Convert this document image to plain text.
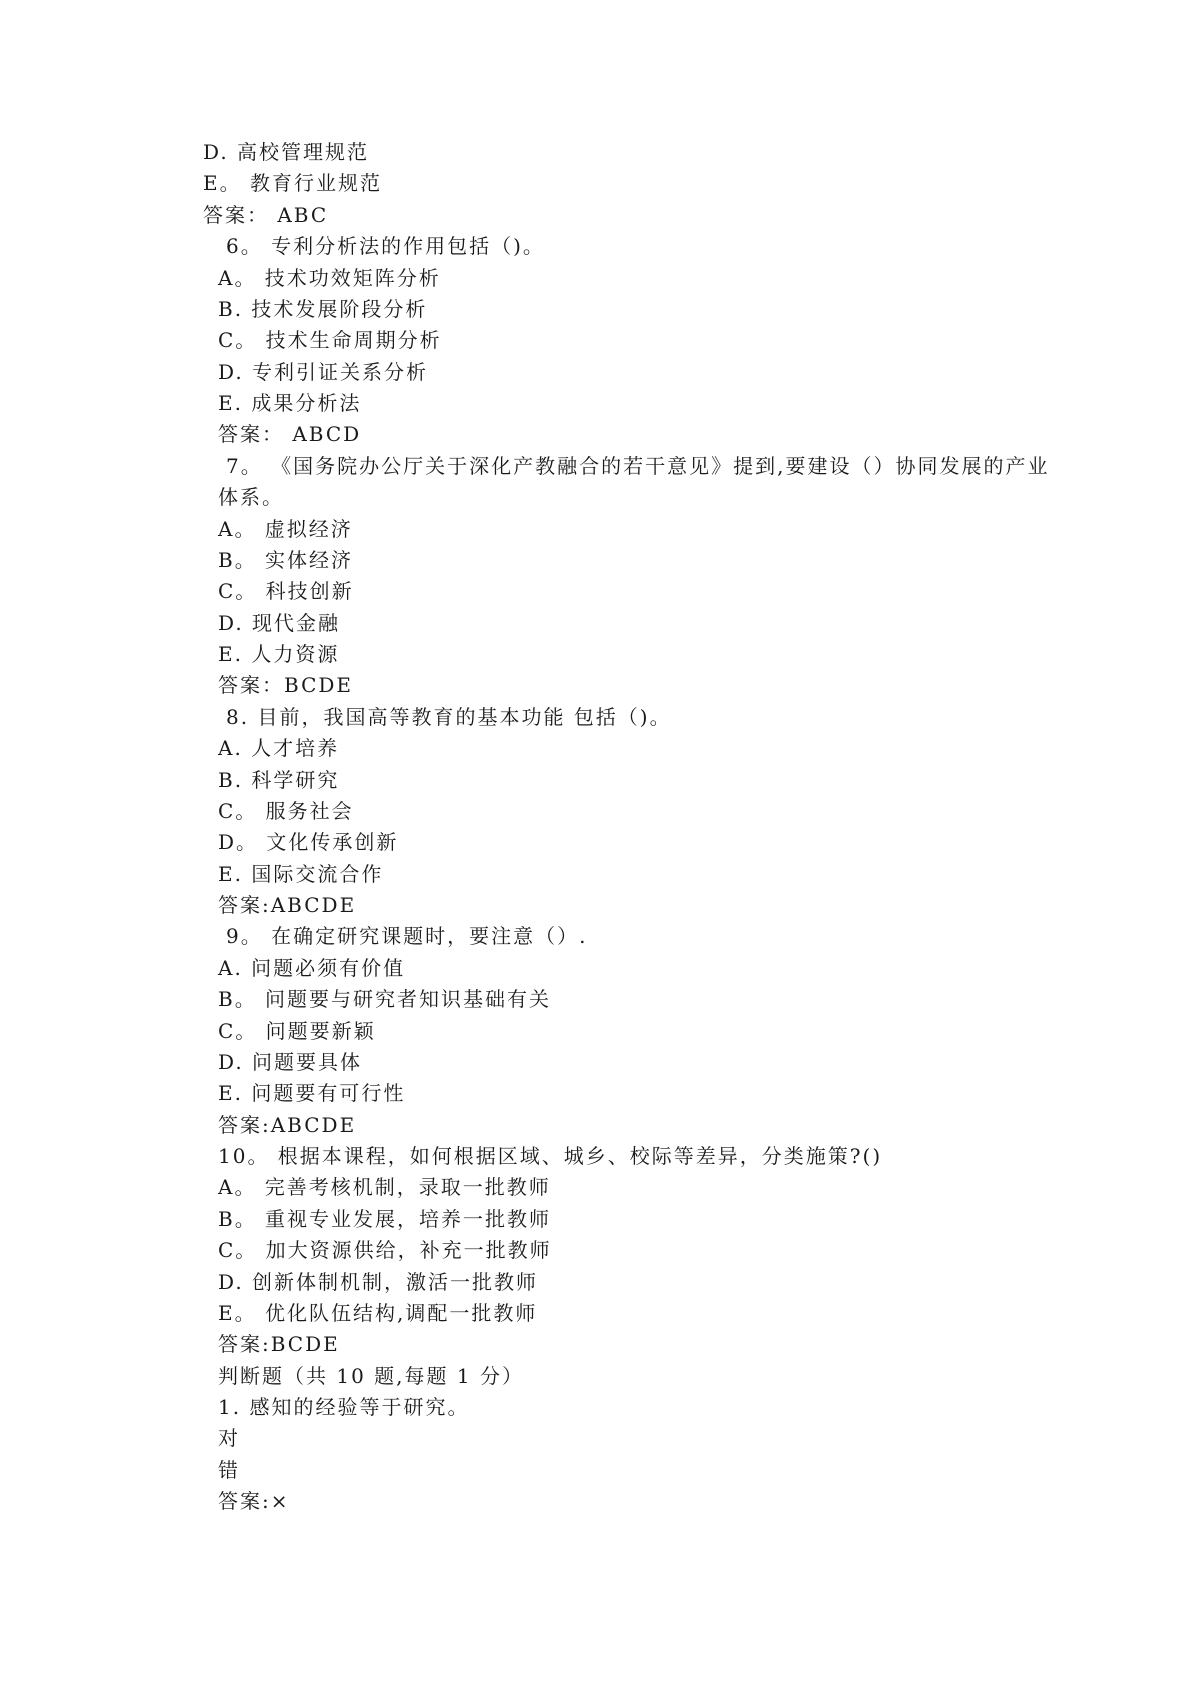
D. 高校管理规范
E。 教育行业规范
答案： ABC
6。 专利分析法的作用包括（)。
A。 技术功效矩阵分析
B. 技术发展阶段分析
C。 技术生命周期分析
D. 专利引证关系分析
E. 成果分析法
答案： ABCD
7。 《国务院办公厅关于深化产教融合的若干意见》提到,要建设（）协同发展的产业
体系。
A。 虚拟经济
B。 实体经济
C。 科技创新
D. 现代金融
E. 人力资源
答案：BCDE
8. 目前，我国高等教育的基本功能 包括（)。
A. 人才培养
B. 科学研究
C。 服务社会
D。 文化传承创新
E. 国际交流合作
答案:ABCDE
9。 在确定研究课题时，要注意（）.
A. 问题必须有价值
B。 问题要与研究者知识基础有关
C。 问题要新颖
D. 问题要具体
E. 问题要有可行性
答案:ABCDE
10。 根据本课程，如何根据区域、城乡、校际等差异，分类施策?()
A。 完善考核机制，录取一批教师
B。 重视专业发展，培养一批教师
C。 加大资源供给，补充一批教师
D. 创新体制机制，激活一批教师
E。 优化队伍结构,调配一批教师
答案:BCDE
判断题（共 10 题,每题 1 分）
1. 感知的经验等于研究。
对
错
答案:×
